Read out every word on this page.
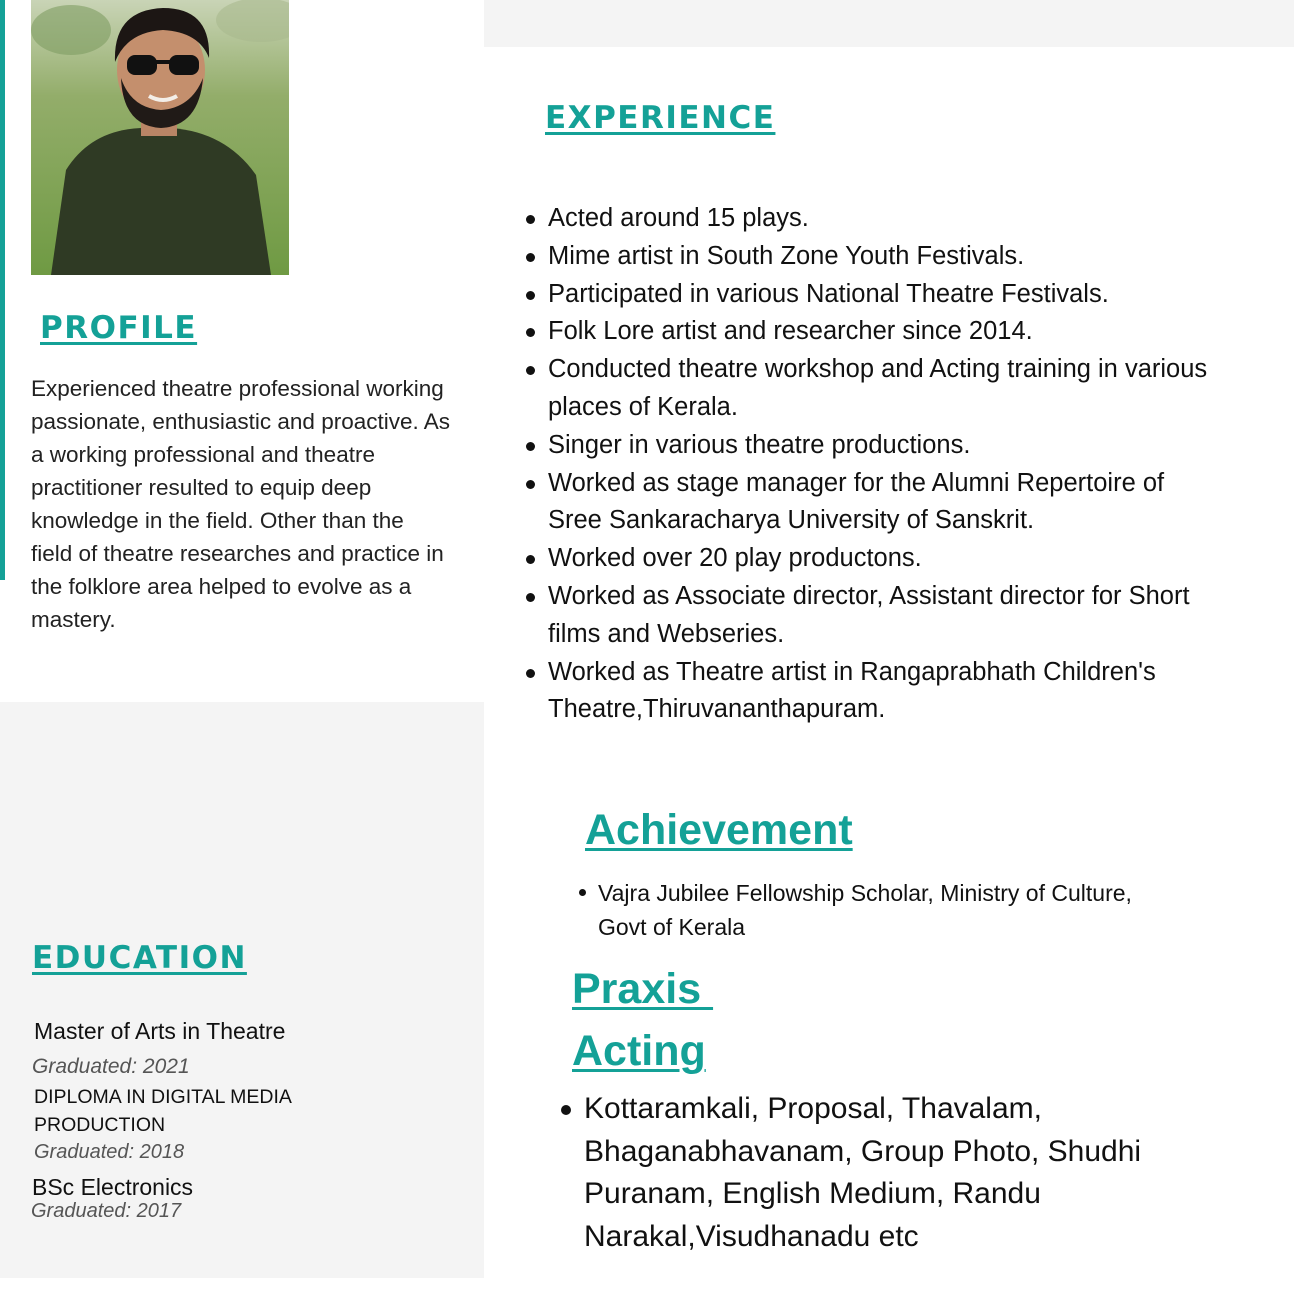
PROFILE
Experienced theatre professional working passionate, enthusiastic and proactive. As a working professional and theatre practitioner resulted to equip deep knowledge in the field. Other than the field of theatre researches and practice in the folklore area helped to evolve as a mastery.
EXPERIENCE
Acted around 15 plays.
Mime artist in South Zone Youth Festivals.
Participated in various National Theatre Festivals.
Folk Lore artist and researcher since 2014.
Conducted theatre workshop and Acting training in various
places of Kerala.
Singer in various theatre productions.
Worked as stage manager for the Alumni Repertoire of
Sree Sankaracharya University of Sanskrit.
Worked over 20 play productons.
Worked as Associate director, Assistant director for Short
films and Webseries.
Worked as Theatre artist in Rangaprabhath Children's
Theatre,Thiruvananthapuram.
Achievement
Vajra Jubilee Fellowship Scholar, Ministry of Culture,
Govt of Kerala
Praxis
Acting
Kottaramkali, Proposal, Thavalam,
Bhaganabhavanam, Group Photo, Shudhi
Puranam, English Medium, Randu
Narakal,Visudhanadu etc
EDUCATION

Master of Arts in Theatre

Graduated: 2021

DIPLOMA IN DIGITAL MEDIA

PRODUCTION

Graduated: 2018

BSc Electronics

Graduated: 2017
